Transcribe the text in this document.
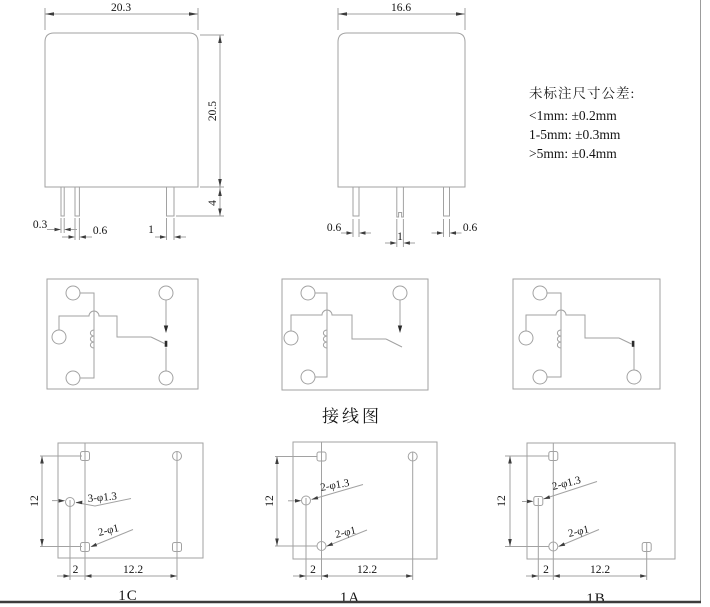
20.3
20.5
4
0.3	0.6	1
16.6
0.6
1
0.6
3-φ1.3
2-φ1
12
2	12.2
1C
2-φ1.3
2-φ1
12
2	12.2
1A
2-φ1.3
2-φ1
12
2	12.2
1B
未标注尺寸公差:
<1mm: ±0.2mm
1-5mm: ±0.3mm
>5mm: ±0.4mm
接线图
